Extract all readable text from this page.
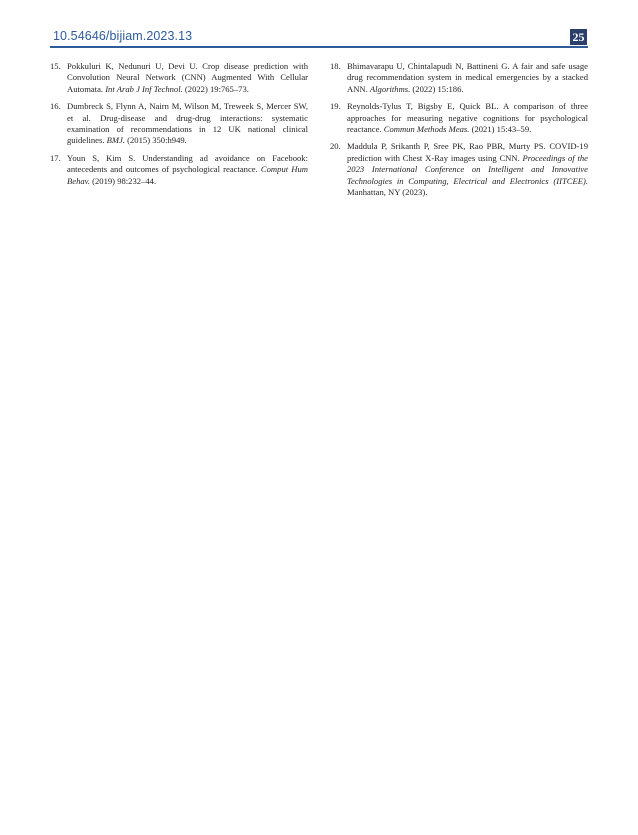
10.54646/bijiam.2023.13	25
15. Pokkuluri K, Nedunuri U, Devi U. Crop disease prediction with Convolution Neural Network (CNN) Augmented With Cellular Automata. Int Arab J Inf Technol. (2022) 19:765–73.
16. Dumbreck S, Flynn A, Nairn M, Wilson M, Treweek S, Mercer SW, et al. Drug-disease and drug-drug interactions: systematic examination of recommendations in 12 UK national clinical guidelines. BMJ. (2015) 350:h949.
17. Youn S, Kim S. Understanding ad avoidance on Facebook: antecedents and outcomes of psychological reactance. Comput Hum Behav. (2019) 98:232–44.
18. Bhimavarapu U, Chintalapudi N, Battineni G. A fair and safe usage drug recommendation system in medical emergencies by a stacked ANN. Algorithms. (2022) 15:186.
19. Reynolds-Tylus T, Bigsby E, Quick BL. A comparison of three approaches for measuring negative cognitions for psychological reactance. Commun Methods Meas. (2021) 15:43–59.
20. Maddula P, Srikanth P, Sree PK, Rao PBR, Murty PS. COVID-19 prediction with Chest X-Ray images using CNN. Proceedings of the 2023 International Conference on Intelligent and Innovative Technologies in Computing, Electrical and Electronics (IITCEE). Manhattan, NY (2023).
